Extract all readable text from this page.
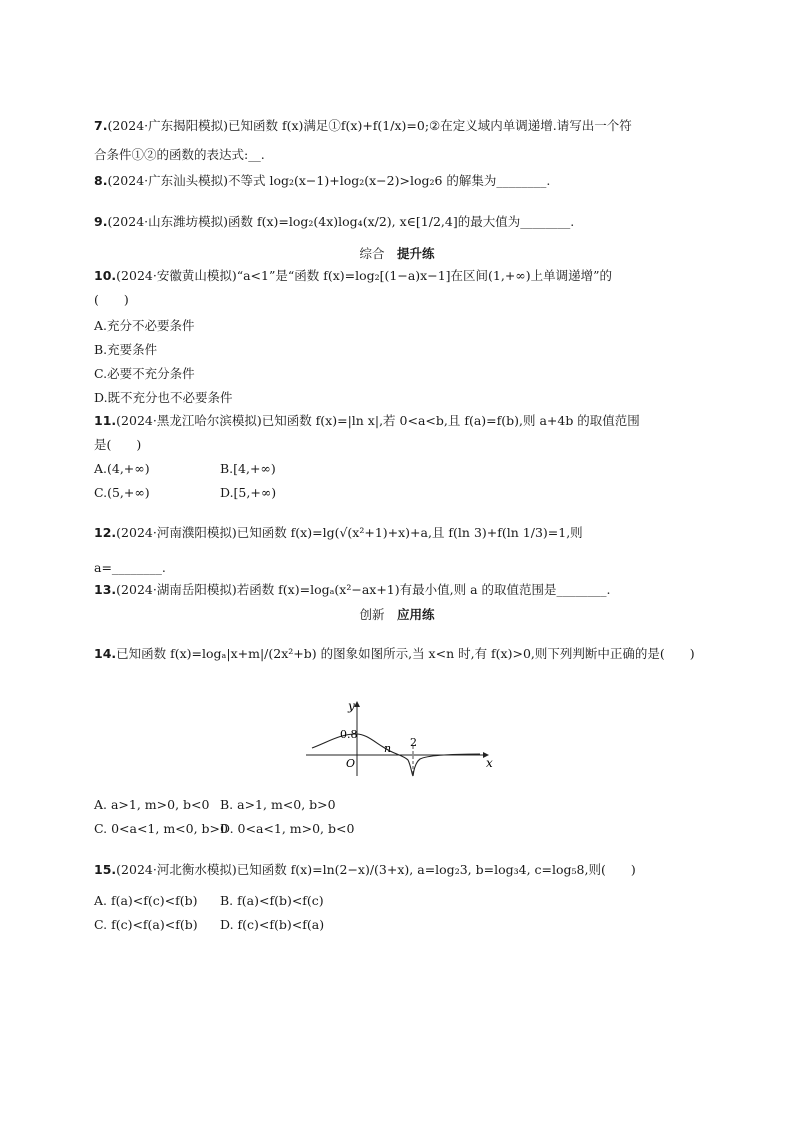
7.(2024·广东揭阳模拟)已知函数 f(x)满足①f(x)+f(1/x)=0;②在定义域内单调递增.请写出一个符
合条件①②的函数的表达式:__.
8.(2024·广东汕头模拟)不等式 log₂(x−1)+log₂(x−2)>log₂6 的解集为________.
9.(2024·山东潍坊模拟)函数 f(x)=log₂(4x)log₄(x/2), x∈[1/2,4]的最大值为________.
综合　 提升练
10.(2024·安徽黄山模拟)“a<1”是“函数 f(x)=log₂[(1−a)x−1]在区间(1,+∞)上单调递增”的
(　　)
A.充分不必要条件
B.充要条件
C.必要不充分条件
D.既不充分也不必要条件
11.(2024·黑龙江哈尔滨模拟)已知函数 f(x)=|ln x|,若 0<a<b,且 f(a)=f(b),则 a+4b 的取值范围
是(　　)
A.(4,+∞)	B.[4,+∞)
C.(5,+∞)	D.[5,+∞)
12.(2024·河南濮阳模拟)已知函数 f(x)=lg(√(x²+1)+x)+a,且 f(ln 3)+f(ln 1/3)=1,则
a=________.
13.(2024·湖南岳阳模拟)若函数 f(x)=logₐ(x²−ax+1)有最小值,则 a 的取值范围是________.
创新　 应用练
14.已知函数 f(x)=logₐ|x+m|/(2x²+b) 的图象如图所示,当 x<n 时,有 f(x)>0,则下列判断中正确的是(　　)
y
x
O
0.8
n 2
A. a>1, m>0, b<0 B. a>1, m<0, b>0
C. 0<a<1, m<0, b>0
D. 0<a<1, m>0, b<0
15.(2024·河北衡水模拟)已知函数 f(x)=ln(2−x)/(3+x), a=log₂3, b=log₃4, c=log₅8,则(　　)
A. f(a)<f(c)<f(b) B. f(a)<f(b)<f(c)
C. f(c)<f(a)<f(b) D. f(c)<f(b)<f(a)
